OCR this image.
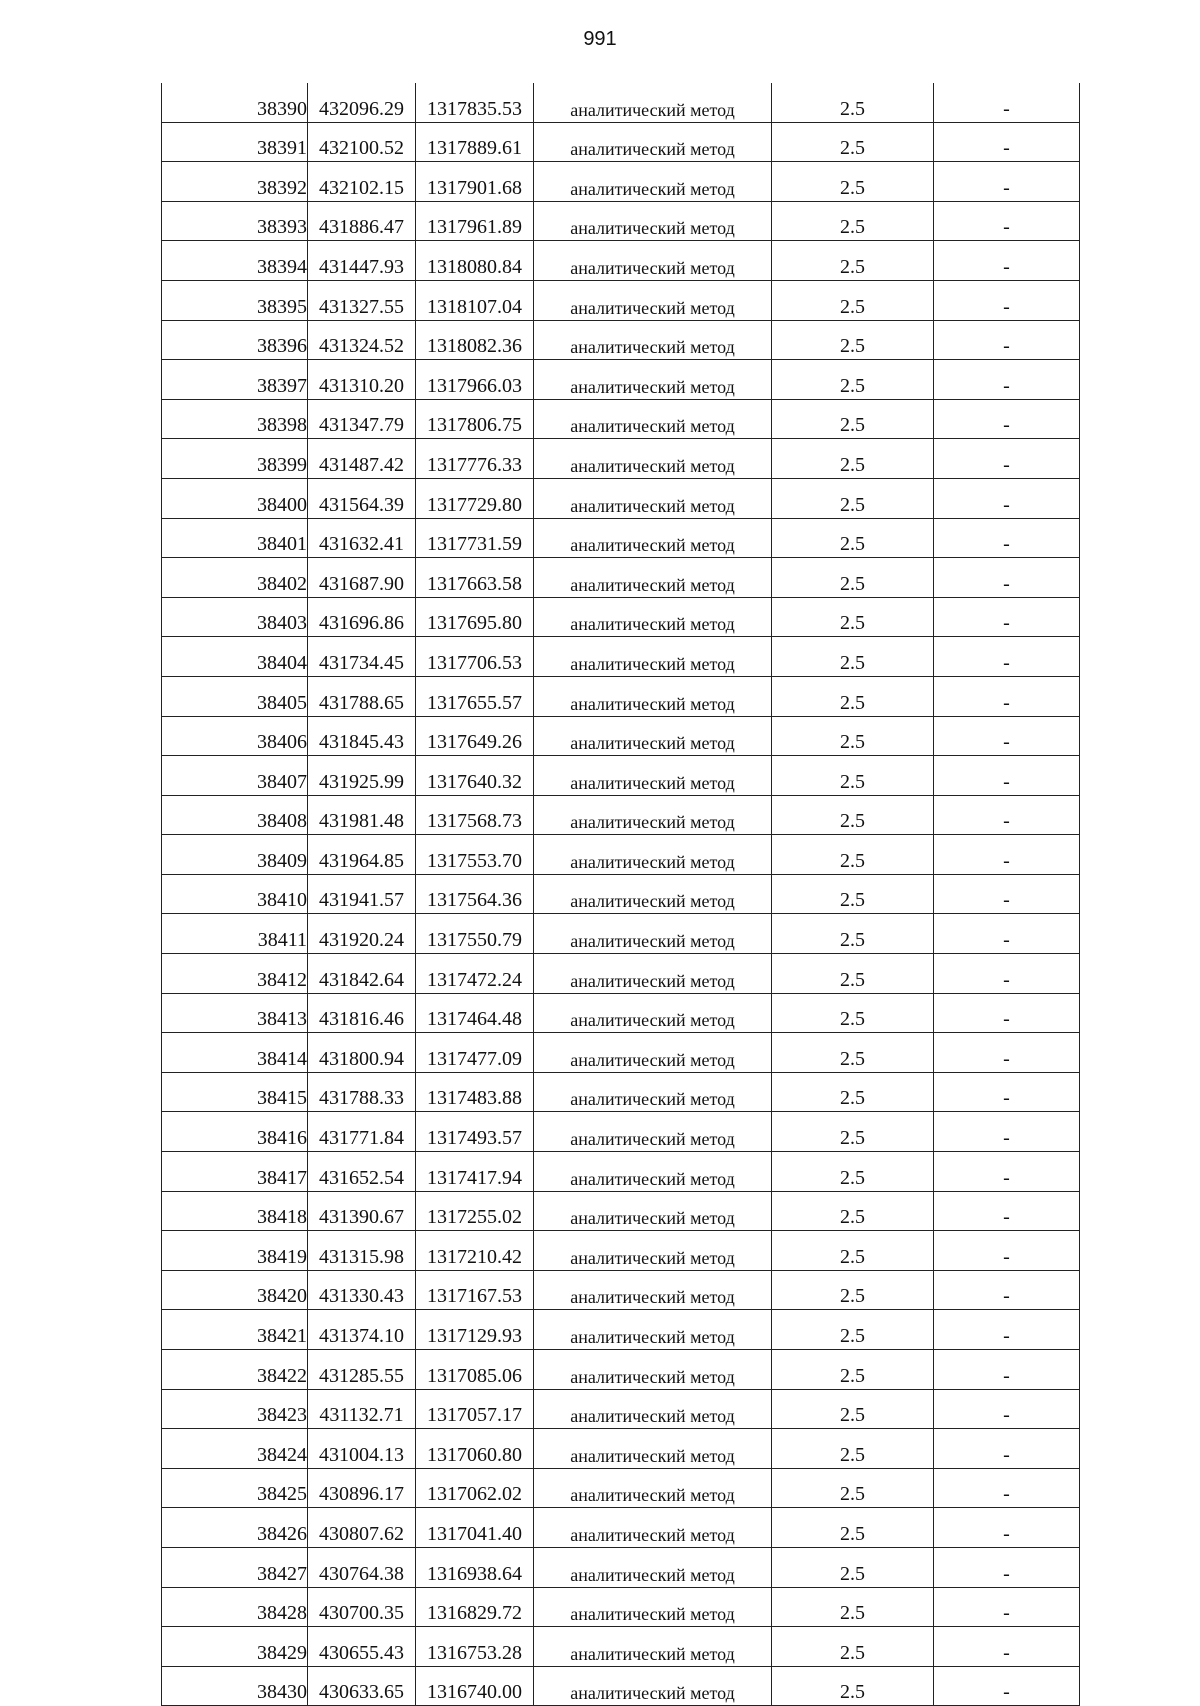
991
38390	432096.29	1317835.53	аналитический метод	2.5	-
38391	432100.52	1317889.61	аналитический метод	2.5	-
38392	432102.15	1317901.68	аналитический метод	2.5	-
38393	431886.47	1317961.89	аналитический метод	2.5	-
38394	431447.93	1318080.84	аналитический метод	2.5	-
38395	431327.55	1318107.04	аналитический метод	2.5	-
38396	431324.52	1318082.36	аналитический метод	2.5	-
38397	431310.20	1317966.03	аналитический метод	2.5	-
38398	431347.79	1317806.75	аналитический метод	2.5	-
38399	431487.42	1317776.33	аналитический метод	2.5	-
38400	431564.39	1317729.80	аналитический метод	2.5	-
38401	431632.41	1317731.59	аналитический метод	2.5	-
38402	431687.90	1317663.58	аналитический метод	2.5	-
38403	431696.86	1317695.80	аналитический метод	2.5	-
38404	431734.45	1317706.53	аналитический метод	2.5	-
38405	431788.65	1317655.57	аналитический метод	2.5	-
38406	431845.43	1317649.26	аналитический метод	2.5	-
38407	431925.99	1317640.32	аналитический метод	2.5	-
38408	431981.48	1317568.73	аналитический метод	2.5	-
38409	431964.85	1317553.70	аналитический метод	2.5	-
38410	431941.57	1317564.36	аналитический метод	2.5	-
38411	431920.24	1317550.79	аналитический метод	2.5	-
38412	431842.64	1317472.24	аналитический метод	2.5	-
38413	431816.46	1317464.48	аналитический метод	2.5	-
38414	431800.94	1317477.09	аналитический метод	2.5	-
38415	431788.33	1317483.88	аналитический метод	2.5	-
38416	431771.84	1317493.57	аналитический метод	2.5	-
38417	431652.54	1317417.94	аналитический метод	2.5	-
38418	431390.67	1317255.02	аналитический метод	2.5	-
38419	431315.98	1317210.42	аналитический метод	2.5	-
38420	431330.43	1317167.53	аналитический метод	2.5	-
38421	431374.10	1317129.93	аналитический метод	2.5	-
38422	431285.55	1317085.06	аналитический метод	2.5	-
38423	431132.71	1317057.17	аналитический метод	2.5	-
38424	431004.13	1317060.80	аналитический метод	2.5	-
38425	430896.17	1317062.02	аналитический метод	2.5	-
38426	430807.62	1317041.40	аналитический метод	2.5	-
38427	430764.38	1316938.64	аналитический метод	2.5	-
38428	430700.35	1316829.72	аналитический метод	2.5	-
38429	430655.43	1316753.28	аналитический метод	2.5	-
38430	430633.65	1316740.00	аналитический метод	2.5	-
